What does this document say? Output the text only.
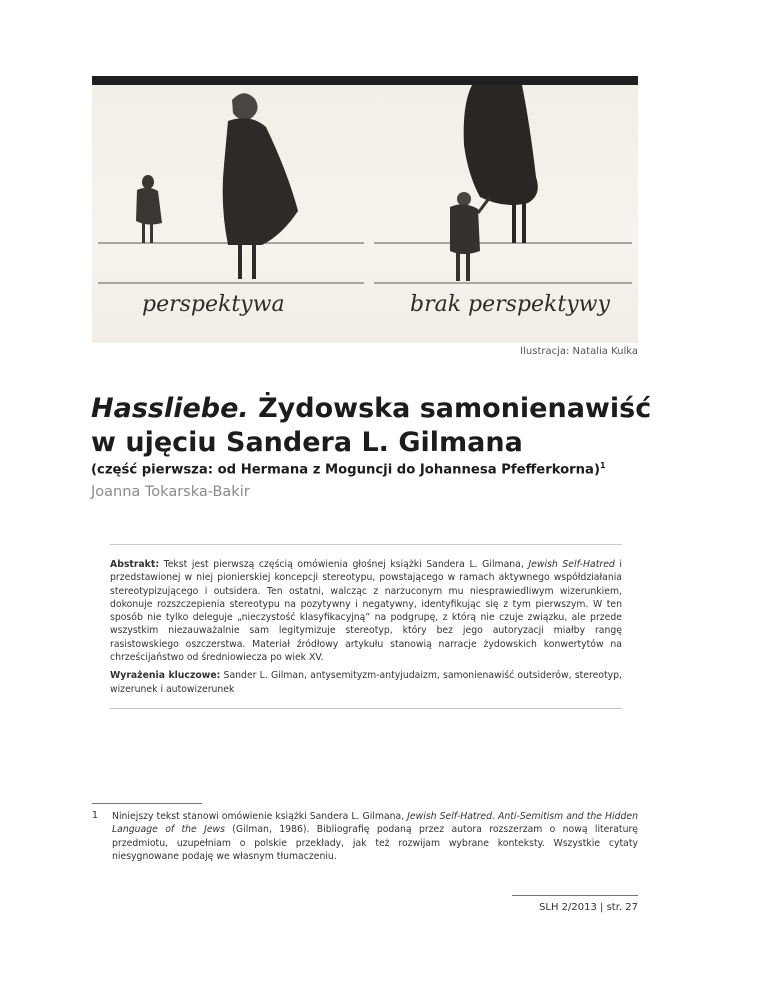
perspektywa	brak perspektywy
Ilustracja: Natalia Kulka
Hassliebe. Żydowska samonienawiść
w ujęciu Sandera L. Gilmana

(część pierwsza: od Hermana z Moguncji do Johannesa Pfefferkorna)$^1$

Joanna Tokarska-Bakir

Abstrakt: Tekst jest pierwszą częścią omówienia głośnej książki Sandera L. Gilmana, Jewish Self-Hatred i przedstawionej w niej pionierskiej koncepcji stereotypu, powstającego w ramach aktywnego współdziałania stereotypizującego i outsidera. Ten ostatni, walcząc z narzuconym mu niesprawiedliwym wizerunkiem, dokonuje rozszczepienia stereotypu na pozytywny i negatywny, identyfikując się z tym pierwszym. W ten sposób nie tylko deleguje „nieczystość klasyfikacyjną” na podgrupę, z którą nie czuje związku, ale przede wszystkim niezauważalnie sam legitymizuje stereotyp, który bez jego autoryzacji miałby rangę rasistowskiego oszczerstwa. Materiał źródłowy artykułu stanowią narracje żydowskich konwertytów na chrześcijaństwo od średniowiecza po wiek XV.

Wyrażenia kluczowe: Sander L. Gilman, antysemityzm-antyjudaizm, samonienawiść outsiderów, stereotyp, wizerunek i autowizerunek

1 Niniejszy tekst stanowi omówienie książki Sandera L. Gilmana, Jewish Self-Hatred. Anti-Semitism and the Hidden Language of the Jews (Gilman, 1986). Bibliografię podaną przez autora rozszerzam o nową literaturę przedmiotu, uzupełniam o polskie przekłady, jak też rozwijam wybrane konteksty. Wszystkie cytaty niesygnowane podaję we własnym tłumaczeniu.

SLH 2/2013 | str. 27
